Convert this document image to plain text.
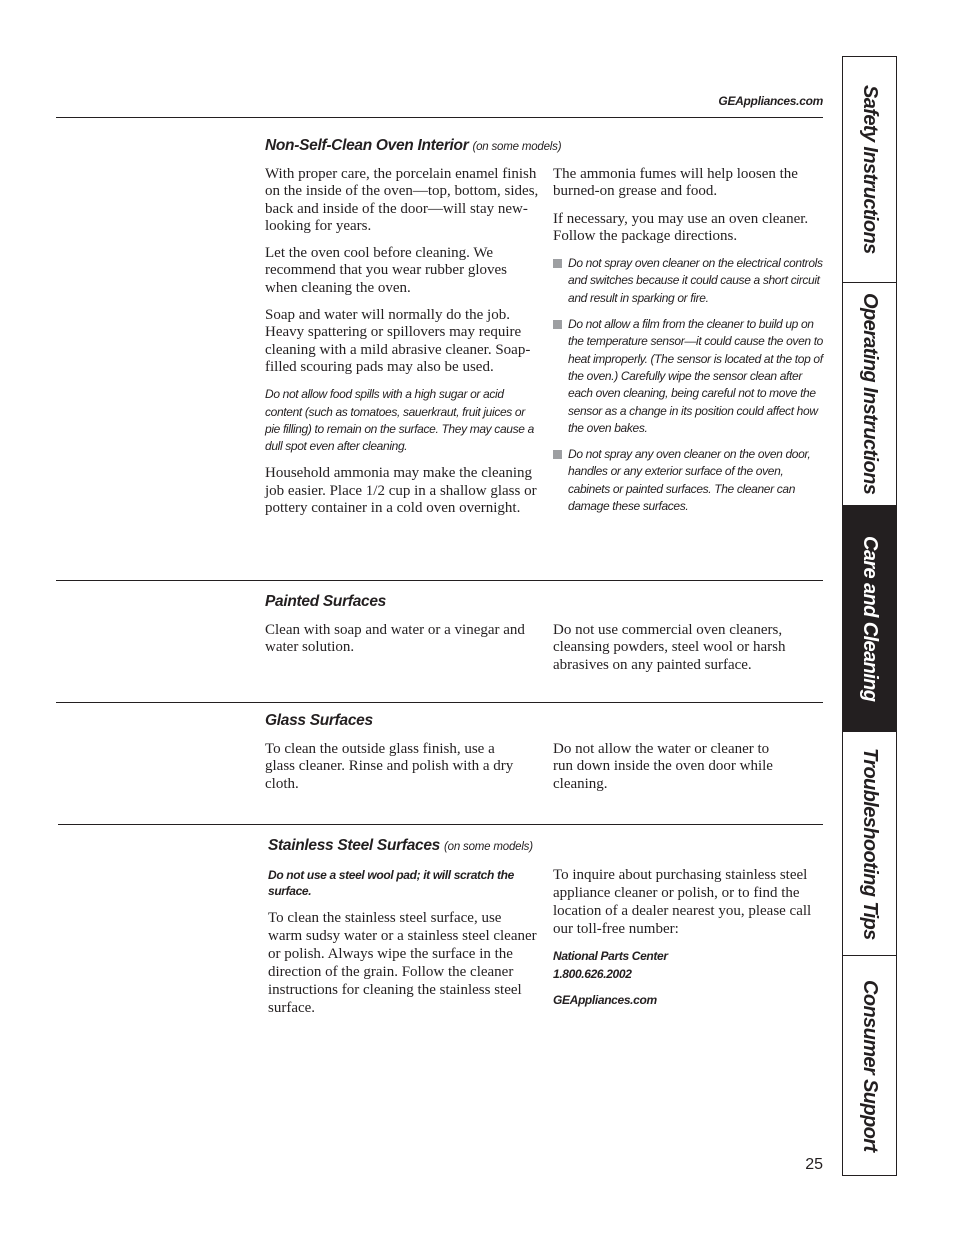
GEAppliances.com
Non-Self-Clean Oven Interior (on some models)

With proper care, the porcelain enamel finish on the inside of the oven—top, bottom, sides, back and inside of the door—will stay new-looking for years.

Let the oven cool before cleaning. We recommend that you wear rubber gloves when cleaning the oven.

Soap and water will normally do the job. Heavy spattering or spillovers may require cleaning with a mild abrasive cleaner. Soap-filled scouring pads may also be used.

Do not allow food spills with a high sugar or acid content (such as tomatoes, sauerkraut, fruit juices or pie filling) to remain on the surface. They may cause a dull spot even after cleaning.

Household ammonia may make the cleaning job easier. Place 1/2 cup in a shallow glass or pottery container in a cold oven overnight.

The ammonia fumes will help loosen the burned-on grease and food.

If necessary, you may use an oven cleaner. Follow the package directions.

Do not spray oven cleaner on the electrical controls and switches because it could cause a short circuit and result in sparking or fire.
Do not allow a film from the cleaner to build up on the temperature sensor—it could cause the oven to heat improperly. (The sensor is located at the top of the oven.) Carefully wipe the sensor clean after each oven cleaning, being careful not to move the sensor as a change in its position could affect how the oven bakes.
Do not spray any oven cleaner on the oven door, handles or any exterior surface of the oven, cabinets or painted surfaces. The cleaner can damage these surfaces.
Painted Surfaces

Clean with soap and water or a vinegar and water solution.

Do not use commercial oven cleaners, cleansing powders, steel wool or harsh abrasives on any painted surface.

Glass Surfaces

To clean the outside glass finish, use a glass cleaner. Rinse and polish with a dry cloth.

Do not allow the water or cleaner to run down inside the oven door while cleaning.

Stainless Steel Surfaces (on some models)

Do not use a steel wool pad; it will scratch the surface.

To clean the stainless steel surface, use warm sudsy water or a stainless steel cleaner or polish. Always wipe the surface in the direction of the grain. Follow the cleaner instructions for cleaning the stainless steel surface.

To inquire about purchasing stainless steel appliance cleaner or polish, or to find the location of a dealer nearest you, please call our toll-free number:

National Parts Center
1.800.626.2002

GEAppliances.com

25
Safety Instructions
Operating Instructions
Care and Cleaning
Troubleshooting Tips
Consumer Support
